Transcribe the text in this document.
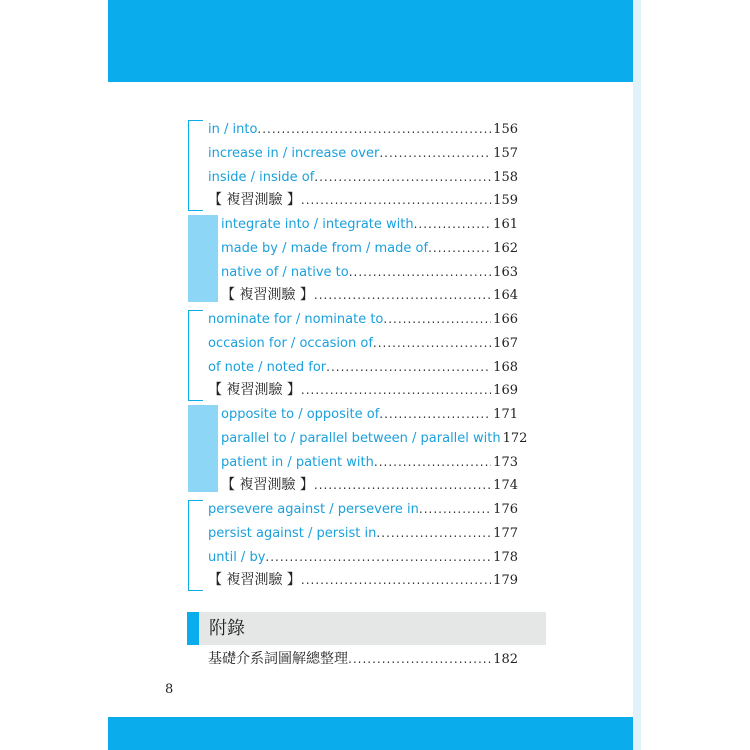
in / into .....	156
increase in / increase over .....	157
inside / inside of .....	158
【 複習測驗 】 .....	159
integrate into / integrate with .....	161
made by / made from / made of .....	162
native of / native to .....	163
【 複習測驗 】 .....	164
nominate for / nominate to .....	166
occasion for / occasion of .....	167
of note / noted for .....	168
【 複習測驗 】 .....	169
opposite to / opposite of .....	171
parallel to / parallel between / parallel with 172
patient in / patient with .....	173
【 複習測驗 】 .....	174
persevere against / persevere in .....	176
persist against / persist in .....	177
until / by .....	178
【 複習測驗 】 .....	179
附錄
基礎介系詞圖解總整理 .....	182
8
